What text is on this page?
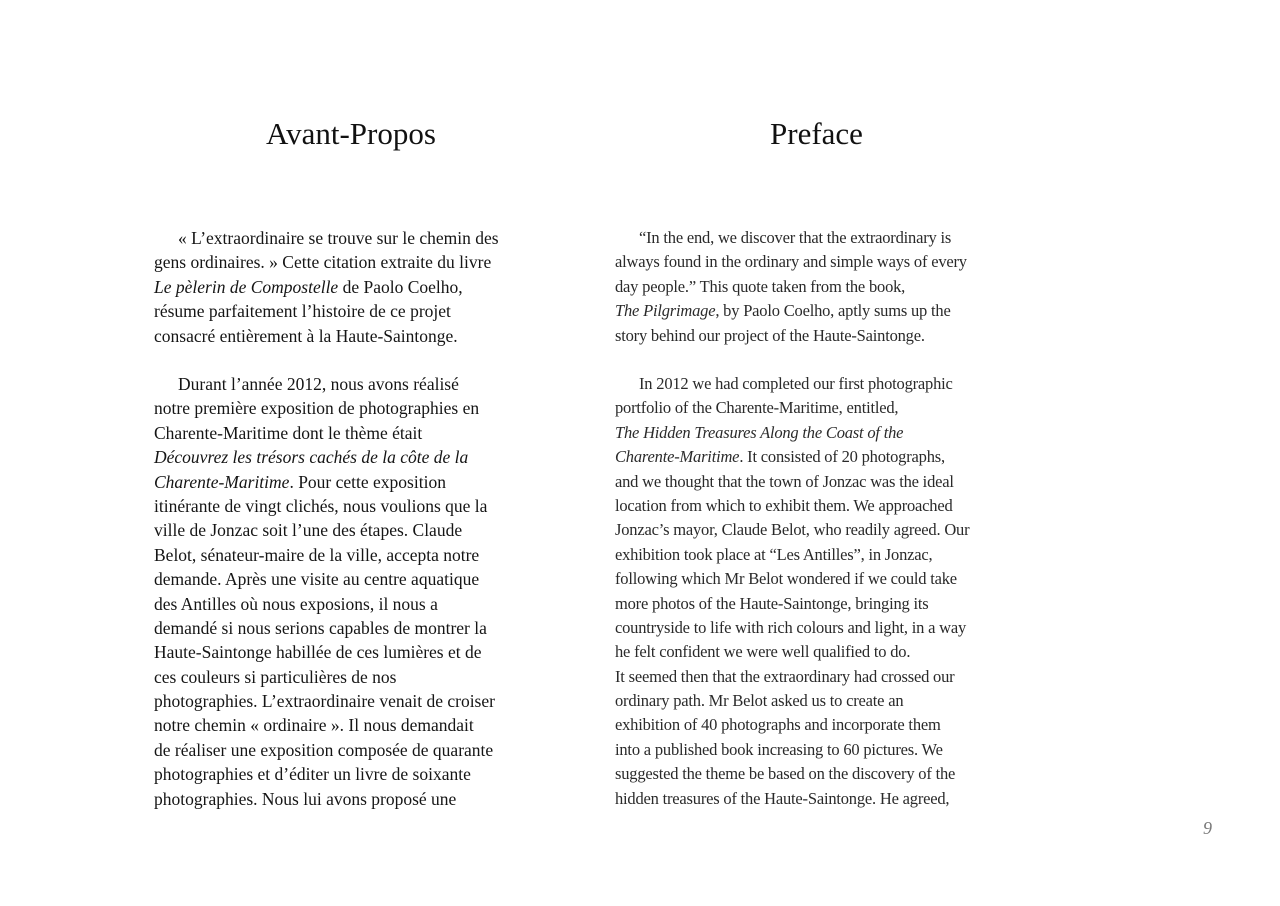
Avant-Propos	Preface
« L’extraordinaire se trouve sur le chemin des
gens ordinaires. » Cette citation extraite du livre
Le pèlerin de Compostelle de Paolo Coelho,
résume parfaitement l’histoire de ce projet
consacré entièrement à la Haute-Saintonge.
Durant l’année 2012, nous avons réalisé
notre première exposition de photographies en
Charente-Maritime dont le thème était
Découvrez les trésors cachés de la côte de la
Charente-Maritime. Pour cette exposition
itinérante de vingt clichés, nous voulions que la
ville de Jonzac soit l’une des étapes. Claude
Belot, sénateur-maire de la ville, accepta notre
demande. Après une visite au centre aquatique
des Antilles où nous exposions, il nous a
demandé si nous serions capables de montrer la
Haute-Saintonge habillée de ces lumières et de
ces couleurs si particulières de nos
photographies. L’extraordinaire venait de croiser
notre chemin « ordinaire ». Il nous demandait
de réaliser une exposition composée de quarante
photographies et d’éditer un livre de soixante
photographies. Nous lui avons proposé une
“In the end, we discover that the extraordinary is
always found in the ordinary and simple ways of every
day people.” This quote taken from the book,
The Pilgrimage, by Paolo Coelho, aptly sums up the
story behind our project of the Haute-Saintonge.
In 2012 we had completed our first photographic
portfolio of the Charente-Maritime, entitled,
The Hidden Treasures Along the Coast of the
Charente-Maritime. It consisted of 20 photographs,
and we thought that the town of Jonzac was the ideal
location from which to exhibit them. We approached
Jonzac’s mayor, Claude Belot, who readily agreed. Our
exhibition took place at “Les Antilles”, in Jonzac,
following which Mr Belot wondered if we could take
more photos of the Haute-Saintonge, bringing its
countryside to life with rich colours and light, in a way
he felt confident we were well qualified to do.
It seemed then that the extraordinary had crossed our
ordinary path. Mr Belot asked us to create an
exhibition of 40 photographs and incorporate them
into a published book increasing to 60 pictures. We
suggested the theme be based on the discovery of the
hidden treasures of the Haute-Saintonge. He agreed,
9
